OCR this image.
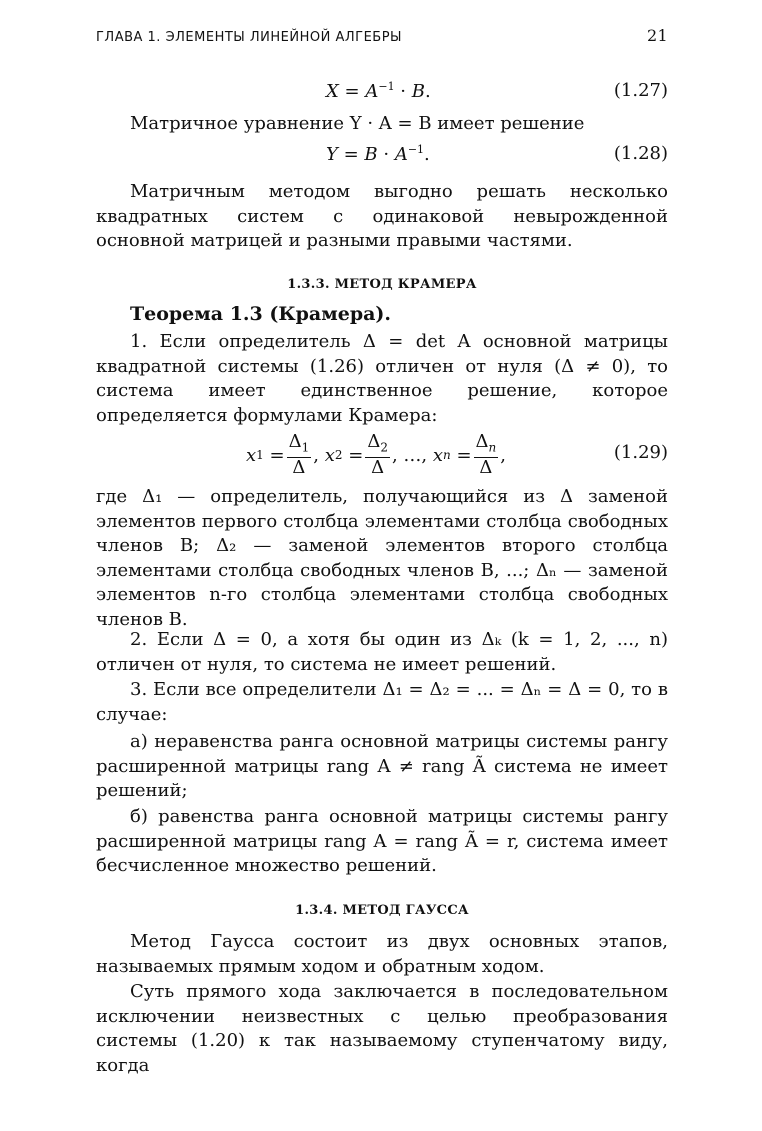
ГЛАВА 1. ЭЛЕМЕНТЫ ЛИНЕЙНОЙ АЛГЕБРЫ	21
$X = A^{-1} \cdot B$.	(1.27)
Матричное уравнение Y · A = B имеет решение
$Y = B \cdot A^{-1}$.	(1.28)
Матричным методом выгодно решать несколько квадратных систем с одинаковой невырожденной основной матрицей и разными правыми частями.
1.3.3. МЕТОД КРАМЕРА
Теорема 1.3 (Крамера).
1. Если определитель Δ = det A основной матрицы квадратной системы (1.26) отличен от нуля (Δ ≠ 0), то система имеет единственное решение, которое определяется формулами Крамера:
x $1 = \frac{\Delta_1}{\Delta}$ , x $2 = \frac{\Delta_2}{\Delta}$ , …, x $n = \frac{\Delta_n}{\Delta}$ ,	(1.29)
где Δ₁ — определитель, получающийся из Δ заменой элементов первого столбца элементами столбца свободных членов B; Δ₂ — заменой элементов второго столбца элементами столбца свободных членов B, ...; Δₙ — заменой элементов n-го столбца элементами столбца свободных членов B.
2. Если Δ = 0, а хотя бы один из Δₖ (k = 1, 2, ..., n) отличен от нуля, то система не имеет решений.
3. Если все определители Δ₁ = Δ₂ = ... = Δₙ = Δ = 0, то в случае:
а) неравенства ранга основной матрицы системы рангу расширенной матрицы rang A ≠ rang Ã система не имеет решений;
б) равенства ранга основной матрицы системы рангу расширенной матрицы rang A = rang Ã = r, система имеет бесчисленное множество решений.
1.3.4. МЕТОД ГАУССА
Метод Гаусса состоит из двух основных этапов, называемых прямым ходом и обратным ходом.
Суть прямого хода заключается в последовательном исключении неизвестных с целью преобразования системы (1.20) к так называемому ступенчатому виду, когда
